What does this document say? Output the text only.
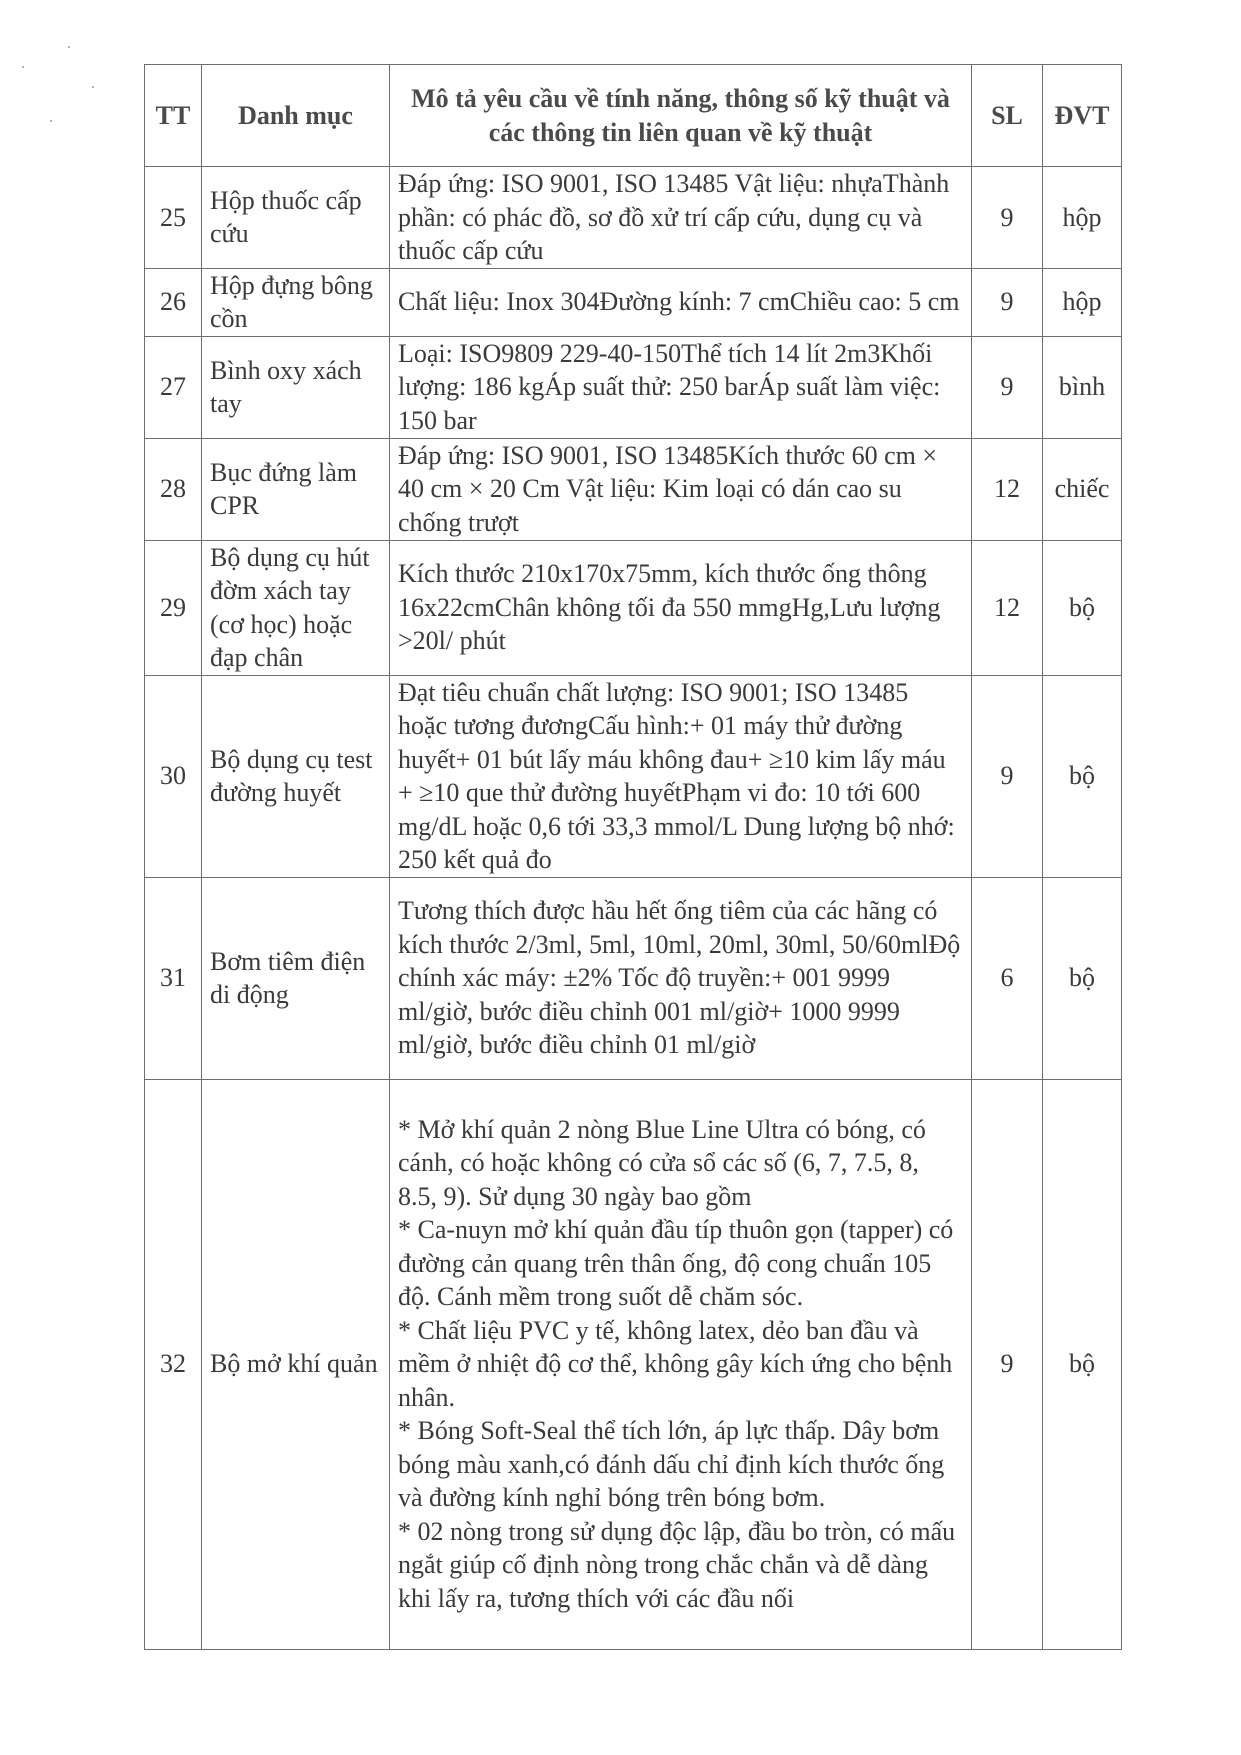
TT	Danh mục	Mô tả yêu cầu về tính năng, thông số kỹ thuật và các thông tin liên quan về kỹ thuật	SL	ĐVT
25	Hộp thuốc cấp cứu	Đáp ứng: ISO 9001, ISO 13485 Vật liệu: nhựaThành phần: có phác đồ, sơ đồ xử trí cấp cứu, dụng cụ và thuốc cấp cứu	9	hộp
26	Hộp đựng bông cồn	Chất liệu: Inox 304Đường kính: 7 cmChiều cao: 5 cm	9	hộp
27	Bình oxy xách tay	Loại: ISO9809 229-40-150Thể tích 14 lít 2m3Khối lượng: 186 kgÁp suất thử: 250 barÁp suất làm việc: 150 bar	9	bình
28	Bục đứng làm CPR	Đáp ứng: ISO 9001, ISO 13485Kích thước 60 cm × 40 cm × 20 Cm Vật liệu: Kim loại có dán cao su chống trượt	12	chiếc
29	Bộ dụng cụ hút đờm xách tay (cơ học) hoặc đạp chân	Kích thước 210x170x75mm, kích thước ống thông 16x22cmChân không tối đa 550 mmgHg,Lưu lượng >20l/ phút	12	bộ
30	Bộ dụng cụ test đường huyết	Đạt tiêu chuẩn chất lượng: ISO 9001; ISO 13485 hoặc tương đươngCấu hình:+ 01 máy thử đường huyết+ 01 bút lấy máu không đau+ ≥10 kim lấy máu + ≥10 que thử đường huyếtPhạm vi đo: 10 tới 600 mg/dL hoặc 0,6 tới 33,3 mmol/L Dung lượng bộ nhớ: 250 kết quả đo	9	bộ
31	Bơm tiêm điện di động	Tương thích được hầu hết ống tiêm của các hãng có kích thước 2/3ml, 5ml, 10ml, 20ml, 30ml, 50/60mlĐộ chính xác máy: ±2% Tốc độ truyền:+ 001 9999 ml/giờ, bước điều chỉnh 001 ml/giờ+ 1000 9999 ml/giờ, bước điều chỉnh 01 ml/giờ	6	bộ
32	Bộ mở khí quản	* Mở khí quản 2 nòng Blue Line Ultra có bóng, có cánh, có hoặc không có cửa sổ các số (6, 7, 7.5, 8, 8.5, 9). Sử dụng 30 ngày bao gồm
* Ca-nuyn mở khí quản đầu típ thuôn gọn (tapper) có đường cản quang trên thân ống, độ cong chuẩn 105 độ. Cánh mềm trong suốt dễ chăm sóc.
* Chất liệu PVC y tế, không latex, dẻo ban đầu và mềm ở nhiệt độ cơ thể, không gây kích ứng cho bệnh nhân.
* Bóng Soft-Seal thể tích lớn, áp lực thấp. Dây bơm bóng màu xanh,có đánh dấu chỉ định kích thước ống và đường kính nghỉ bóng trên bóng bơm.
* 02 nòng trong sử dụng độc lập, đầu bo tròn, có mấu ngắt giúp cố định nòng trong chắc chắn và dễ dàng khi lấy ra, tương thích với các đầu nối	9	bộ
